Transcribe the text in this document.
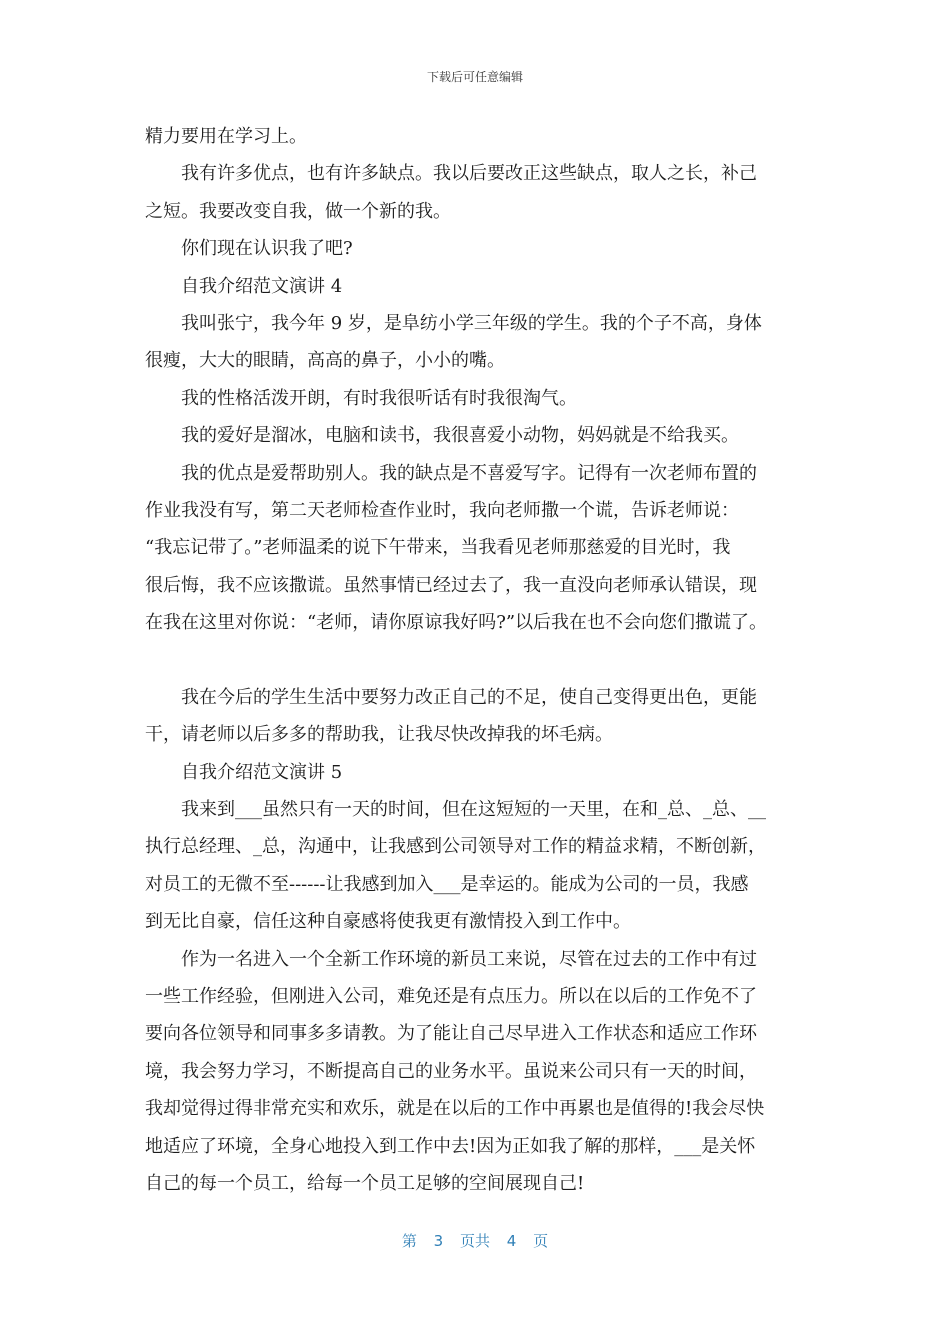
下载后可任意编辑
精力要用在学习上。
我有许多优点，也有许多缺点。我以后要改正这些缺点，取人之长，补己
之短。我要改变自我，做一个新的我。
你们现在认识我了吧?
自我介绍范文演讲 4
我叫张宁，我今年 9 岁，是阜纺小学三年级的学生。我的个子不高，身体
很瘦，大大的眼睛，高高的鼻子，小小的嘴。
我的性格活泼开朗，有时我很听话有时我很淘气。
我的爱好是溜冰，电脑和读书，我很喜爱小动物，妈妈就是不给我买。
我的优点是爱帮助别人。我的缺点是不喜爱写字。记得有一次老师布置的
作业我没有写，第二天老师检查作业时，我向老师撒一个谎，告诉老师说：
“我忘记带了。”老师温柔的说下午带来，当我看见老师那慈爱的目光时，我
很后悔，我不应该撒谎。虽然事情已经过去了，我一直没向老师承认错误，现
在我在这里对你说：“老师，请你原谅我好吗?”以后我在也不会向您们撒谎了。
我在今后的学生生活中要努力改正自己的不足，使自己变得更出色，更能
干，请老师以后多多的帮助我，让我尽快改掉我的坏毛病。
自我介绍范文演讲 5
我来到___虽然只有一天的时间，但在这短短的一天里，在和_总、_总、__
执行总经理、_总，沟通中，让我感到公司领导对工作的精益求精，不断创新，
对员工的无微不至------让我感到加入___是幸运的。能成为公司的一员，我感
到无比自豪，信任这种自豪感将使我更有激情投入到工作中。
作为一名进入一个全新工作环境的新员工来说，尽管在过去的工作中有过
一些工作经验，但刚进入公司，难免还是有点压力。所以在以后的工作免不了
要向各位领导和同事多多请教。为了能让自己尽早进入工作状态和适应工作环
境，我会努力学习，不断提高自己的业务水平。虽说来公司只有一天的时间，
我却觉得过得非常充实和欢乐，就是在以后的工作中再累也是值得的!我会尽快
地适应了环境，全身心地投入到工作中去!因为正如我了解的那样，___是关怀
自己的每一个员工，给每一个员工足够的空间展现自己!
第 3 页共 4 页
